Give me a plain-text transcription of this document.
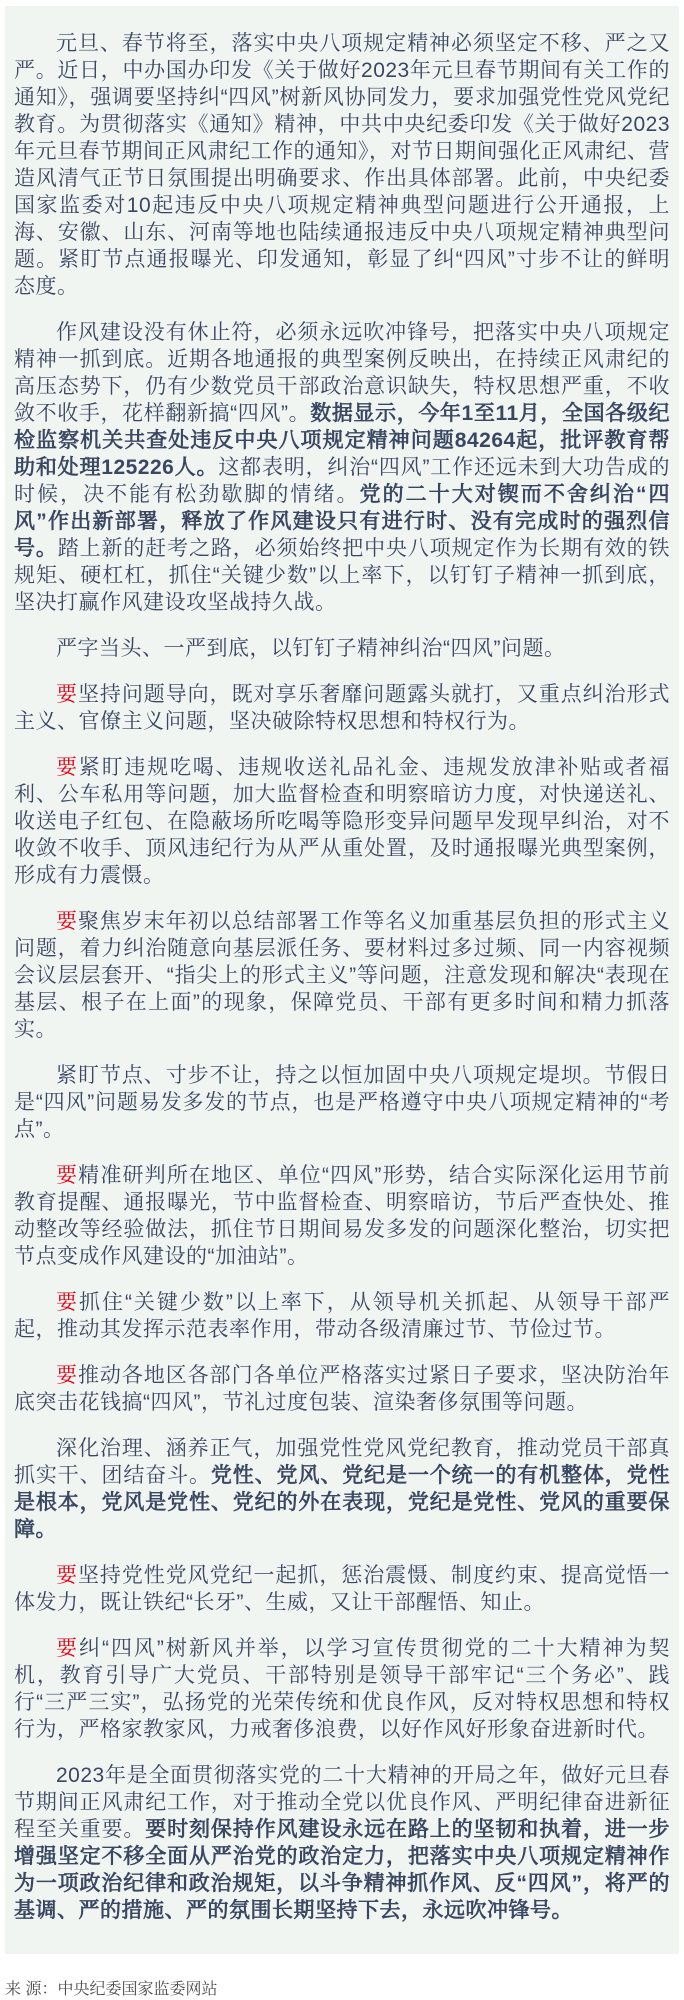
元旦、春节将至，落实中央八项规定精神必须坚定不移、严之又严。近日，中办国办印发《关于做好2023年元旦春节期间有关工作的通知》，强调要坚持纠“四风”树新风协同发力，要求加强党性党风党纪教育。为贯彻落实《通知》精神，中共中央纪委印发《关于做好2023年元旦春节期间正风肃纪工作的通知》，对节日期间强化正风肃纪、营造风清气正节日氛围提出明确要求、作出具体部署。此前，中央纪委国家监委对10起违反中央八项规定精神典型问题进行公开通报，上海、安徽、山东、河南等地也陆续通报违反中央八项规定精神典型问题。紧盯节点通报曝光、印发通知，彰显了纠“四风”寸步不让的鲜明态度。

作风建设没有休止符，必须永远吹冲锋号，把落实中央八项规定精神一抓到底。近期各地通报的典型案例反映出，在持续正风肃纪的高压态势下，仍有少数党员干部政治意识缺失，特权思想严重，不收敛不收手，花样翻新搞“四风”。数据显示，今年1至11月，全国各级纪检监察机关共查处违反中央八项规定精神问题84264起，批评教育帮助和处理125226人。这都表明，纠治“四风”工作还远未到大功告成的时候，决不能有松劲歇脚的情绪。党的二十大对锲而不舍纠治“四风”作出新部署，释放了作风建设只有进行时、没有完成时的强烈信号。踏上新的赶考之路，必须始终把中央八项规定作为长期有效的铁规矩、硬杠杠，抓住“关键少数”以上率下，以钉钉子精神一抓到底，坚决打赢作风建设攻坚战持久战。

严字当头、一严到底，以钉钉子精神纠治“四风”问题。

要坚持问题导向，既对享乐奢靡问题露头就打，又重点纠治形式主义、官僚主义问题，坚决破除特权思想和特权行为。

要紧盯违规吃喝、违规收送礼品礼金、违规发放津补贴或者福利、公车私用等问题，加大监督检查和明察暗访力度，对快递送礼、收送电子红包、在隐蔽场所吃喝等隐形变异问题早发现早纠治，对不收敛不收手、顶风违纪行为从严从重处置，及时通报曝光典型案例，形成有力震慑。

要聚焦岁末年初以总结部署工作等名义加重基层负担的形式主义问题，着力纠治随意向基层派任务、要材料过多过频、同一内容视频会议层层套开、“指尖上的形式主义”等问题，注意发现和解决“表现在基层、根子在上面”的现象，保障党员、干部有更多时间和精力抓落实。

紧盯节点、寸步不让，持之以恒加固中央八项规定堤坝。节假日是“四风”问题易发多发的节点，也是严格遵守中央八项规定精神的“考点”。

要精准研判所在地区、单位“四风”形势，结合实际深化运用节前教育提醒、通报曝光，节中监督检查、明察暗访，节后严查快处、推动整改等经验做法，抓住节日期间易发多发的问题深化整治，切实把节点变成作风建设的“加油站”。

要抓住“关键少数”以上率下，从领导机关抓起、从领导干部严起，推动其发挥示范表率作用，带动各级清廉过节、节俭过节。

要推动各地区各部门各单位严格落实过紧日子要求，坚决防治年底突击花钱搞“四风”，节礼过度包装、渲染奢侈氛围等问题。

深化治理、涵养正气，加强党性党风党纪教育，推动党员干部真抓实干、团结奋斗。党性、党风、党纪是一个统一的有机整体，党性是根本，党风是党性、党纪的外在表现，党纪是党性、党风的重要保障。

要坚持党性党风党纪一起抓，惩治震慑、制度约束、提高觉悟一体发力，既让铁纪“长牙”、生威，又让干部醒悟、知止。

要纠“四风”树新风并举，以学习宣传贯彻党的二十大精神为契机，教育引导广大党员、干部特别是领导干部牢记“三个务必”、践行“三严三实”，弘扬党的光荣传统和优良作风，反对特权思想和特权行为，严格家教家风，力戒奢侈浪费，以好作风好形象奋进新时代。

2023年是全面贯彻落实党的二十大精神的开局之年，做好元旦春节期间正风肃纪工作，对于推动全党以优良作风、严明纪律奋进新征程至关重要。要时刻保持作风建设永远在路上的坚韧和执着，进一步增强坚定不移全面从严治党的政治定力，把落实中央八项规定精神作为一项政治纪律和政治规矩，以斗争精神抓作风、反“四风”，将严的基调、严的措施、严的氛围长期坚持下去，永远吹冲锋号。

来 源：中央纪委国家监委网站
